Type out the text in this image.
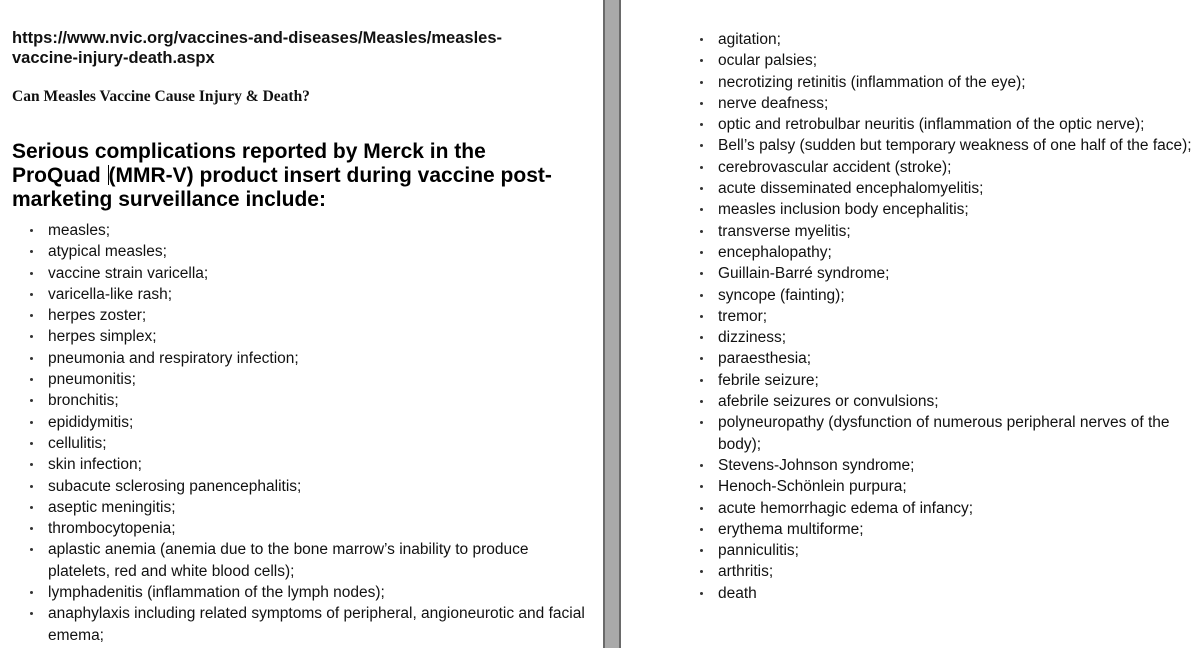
https://www.nvic.org/vaccines-and-diseases/Measles/measles-vaccine-injury-death.aspx
Can Measles Vaccine Cause Injury & Death?
Serious complications reported by Merck in the ProQuad (MMR-V) product insert during vaccine post-marketing surveillance include:
measles;
atypical measles;
vaccine strain varicella;
varicella-like rash;
herpes zoster;
herpes simplex;
pneumonia and respiratory infection;
pneumonitis;
bronchitis;
epididymitis;
cellulitis;
skin infection;
subacute sclerosing panencephalitis;
aseptic meningitis;
thrombocytopenia;
aplastic anemia (anemia due to the bone marrow’s inability to produce platelets, red and white blood cells);
lymphadenitis (inflammation of the lymph nodes);
anaphylaxis including related symptoms of peripheral, angioneurotic and facial emema;
agitation;
ocular palsies;
necrotizing retinitis (inflammation of the eye);
nerve deafness;
optic and retrobulbar neuritis (inflammation of the optic nerve);
Bell’s palsy (sudden but temporary weakness of one half of the face);
cerebrovascular accident (stroke);
acute disseminated encephalomyelitis;
measles inclusion body encephalitis;
transverse myelitis;
encephalopathy;
Guillain-Barré syndrome;
syncope (fainting);
tremor;
dizziness;
paraesthesia;
febrile seizure;
afebrile seizures or convulsions;
polyneuropathy (dysfunction of numerous peripheral nerves of the body);
Stevens-Johnson syndrome;
Henoch-Schönlein purpura;
acute hemorrhagic edema of infancy;
erythema multiforme;
panniculitis;
arthritis;
death
